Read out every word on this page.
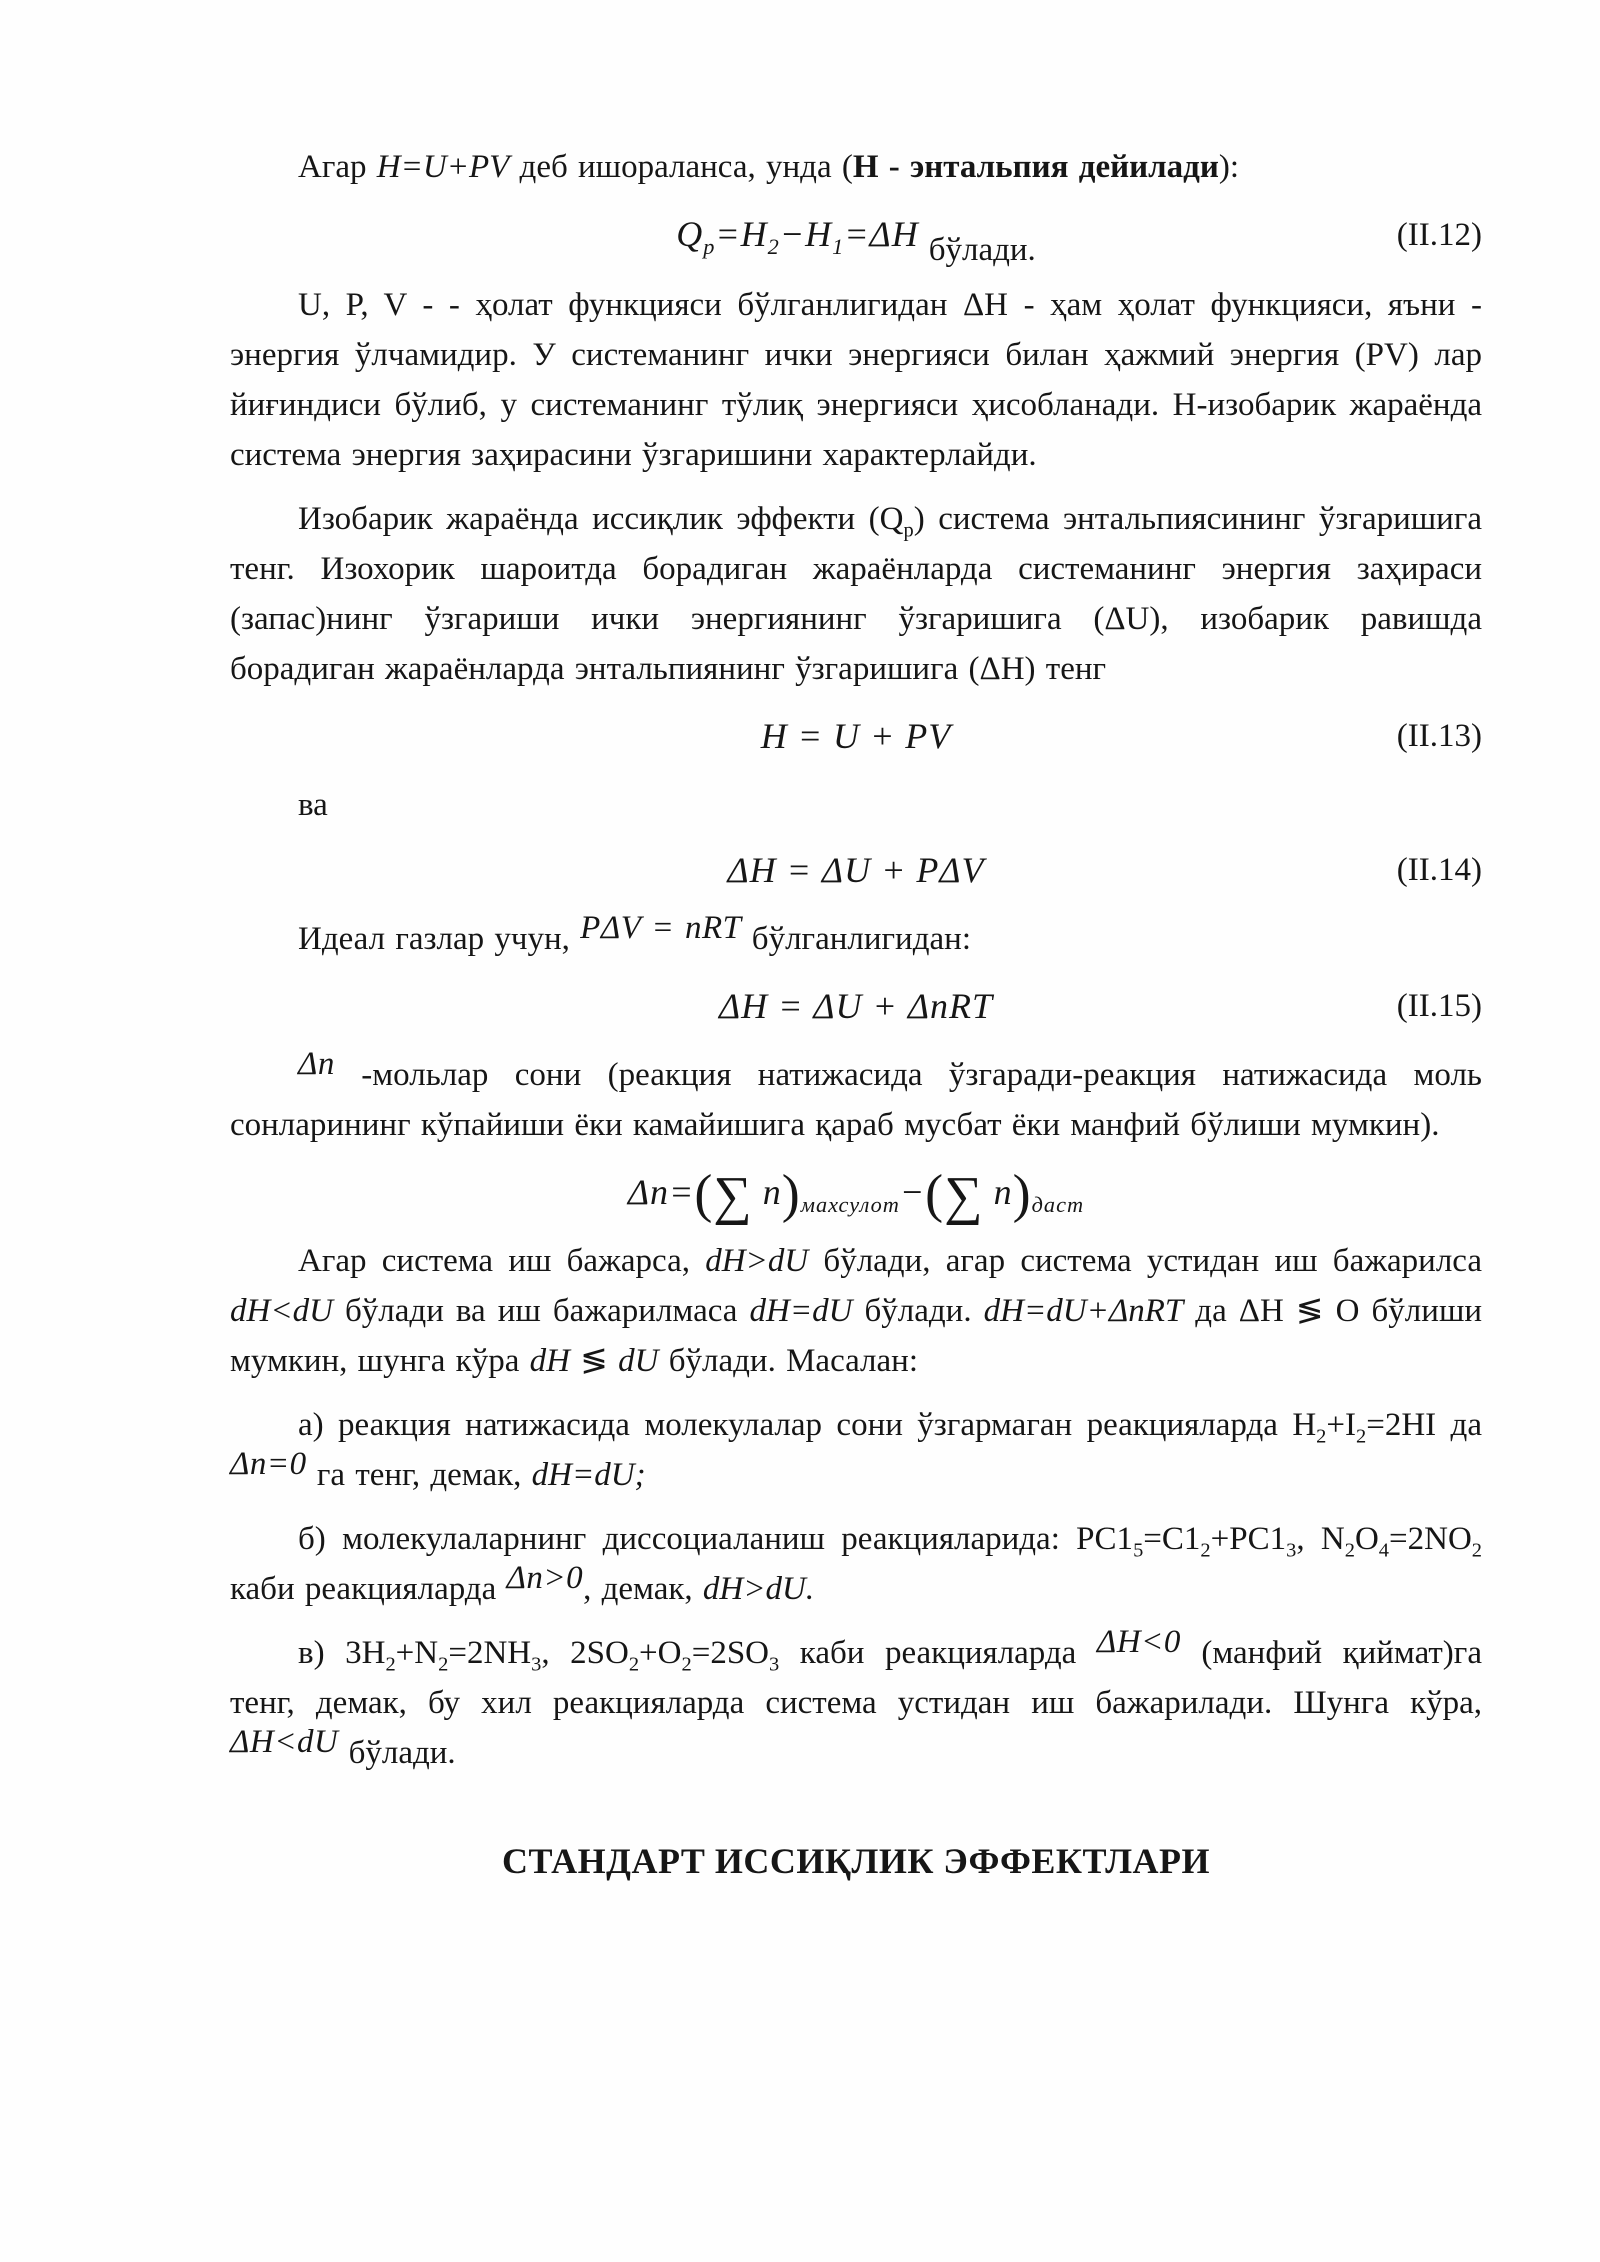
Агар H=U+PV деб ишораланса, унда (Н - энтальпия дейилади):

$Q_p=H_2-H_1=\Delta H$ бўлади.	(II.12)

U, P, V - - ҳолат функцияси бўлганлигидан ΔН - ҳам ҳолат функцияси, яъни - энергия ўлчамидир. У системанинг ички энергияси билан ҳажмий энергия (PV) лар йиғиндиси бўлиб, у системанинг тўлиқ энергияси ҳисобланади. Н-изобарик жараёнда система энергия заҳирасини ўзгаришини характерлайди.

Изобарик жараёнда иссиқлик эффекти $(Q_p)$ система энтальпиясининг ўзгаришига тенг. Изохорик шароитда борадиган жараёнларда системанинг энергия заҳираси (запас)нинг ўзгариши ички энергиянинг ўзгаришига (ΔU), изобарик равишда борадиган жараёнларда энтальпиянинг ўзгаришига (ΔН) тенг

H = U + PV	(II.13)

ва

ΔH = ΔU + PΔV	(II.14)

Идеал газлар учун, PΔV = nRT бўлганлигидан:

ΔH = ΔU + ΔnRT	(II.15)

Δn -мольлар сони (реакция натижасида ўзгаради-реакция натижасида моль сонларининг кўпайиши ёки камайишига қараб мусбат ёки манфий бўлиши мумкин).

Δn=(∑ $n)_{махсулот}-(\sum$ $n)_{даст}$

Агар система иш бажарса, dH>dU бўлади, агар система устидан иш бажарилса dH<dU бўлади ва иш бажарилмаса dH=dU бўлади. dH=dU+ΔnRT да ΔН ≶ О бўлиши мумкин, шунга кўра dH ≶ dU бўлади. Масалан:

а) реакция натижасида молекулалар сони ўзгармаган реакцияларда $H_2+I_2=2HI$ да Δn=0 га тенг, демак, dH=dU;

б) молекулаларнинг диссоциаланиш реакцияларида: $PC1_5=C1_2+PC1_3$, $N_2O_4=2NO_2$ каби реакцияларда Δn>0, демак, dH>dU.

в) $3H_2+N_2=2NH_3$, $2SO_2+O_2=2SO_3$ каби реакцияларда ΔH<0 (манфий қиймат)га тенг, демак, бу хил реакцияларда система устидан иш бажарилади. Шунга кўра, ΔH<dU бўлади.

СТАНДАРТ ИССИҚЛИК ЭФФЕКТЛАРИ
